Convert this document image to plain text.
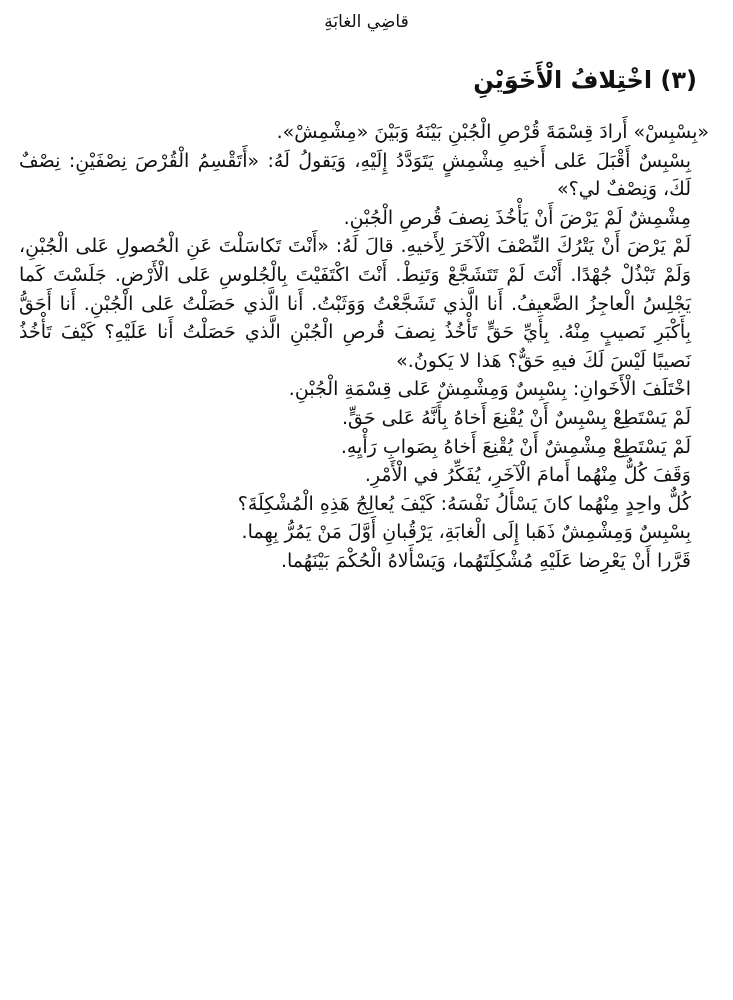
قاضِي الغابَةِ
(٣) اخْتِلافُ الْأَخَوَيْنِ

«بِسْبِسْ» أَرادَ قِسْمَةَ قُرْصِ الْجُبْنِ بَيْنَهُ وَبَيْنَ «مِشْمِشْ».

بِسْبِسٌ أَقْبَلَ عَلى أَخيهِ مِشْمِشٍ يَتَوَدَّدُ إِلَيْهِ، وَيَقولُ لَهُ: «أَتَقْسِمُ الْقُرْصَ نِصْفَيْنِ: نِصْفٌ لَكَ، وَنِصْفٌ لي؟»

مِشْمِشٌ لَمْ يَرْضَ أَنْ يَأْخُذَ نِصفَ قُرصِ الْجُبْنِ.

لَمْ يَرْضَ أَنْ يَتْرُكَ النِّصْفَ الْآخَرَ لِأَخيهِ. قالَ لَهُ: «أَنْتَ تَكاسَلْتَ عَنِ الْحُصولِ عَلى الْجُبْنِ، وَلَمْ تَبْذُلْ جُهْدًا. أَنْتَ لَمْ تَتَشَجَّعْ وَتَنِطْ. أَنْتَ اكْتَفَيْتَ بِالْجُلوسِ عَلى الْأَرْضِ. جَلَسْتَ كَما يَجْلِسُ الْعاجِزُ الضَّعيفُ. أَنا الَّذي تَشَجَّعْتُ وَوَثَبْتُ. أَنا الَّذي حَصَلْتُ عَلى الْجُبْنِ. أَنا أَحَقُّ بِأَكْبَرِ نَصيبٍ مِنْهُ. بِأَيِّ حَقٍّ تَأْخُذُ نِصفَ قُرصِ الْجُبْنِ الَّذي حَصَلْتُ أَنا عَلَيْهِ؟ كَيْفَ تَأْخُذُ نَصيبًا لَيْسَ لَكَ فيهِ حَقٌّ؟ هَذا لا يَكونُ.»

اخْتَلَفَ الْأَخَوانِ: بِسْبِسٌ وَمِشْمِشٌ عَلى قِسْمَةِ الْجُبْنِ.

لَمْ يَسْتَطِعْ بِسْبِسٌ أَنْ يُقْنِعَ أَخاهُ بِأَنَّهُ عَلى حَقٍّ.

لَمْ يَسْتَطِعْ مِشْمِشٌ أَنْ يُقْنِعَ أَخاهُ بِصَوابِ رَأْيِهِ.

وَقَفَ كُلٌّ مِنْهُما أَمامَ الْآخَرِ، يُفَكِّرُ في الْأَمْرِ.

كُلٌّ واحِدٍ مِنْهُما كانَ يَسْأَلُ نَفْسَهُ: كَيْفَ يُعالِجُ هَذِهِ الْمُشْكِلَةَ؟

بِسْبِسٌ وَمِشْمِشٌ ذَهَبا إِلَى الْغابَةِ، يَرْقُبانِ أَوَّلَ مَنْ يَمُرُّ بِهِما.

قَرَّرا أَنْ يَعْرِضا عَلَيْهِ مُشْكِلَتَهُما، وَيَسْأَلاهُ الْحُكْمَ بَيْنَهُما.
